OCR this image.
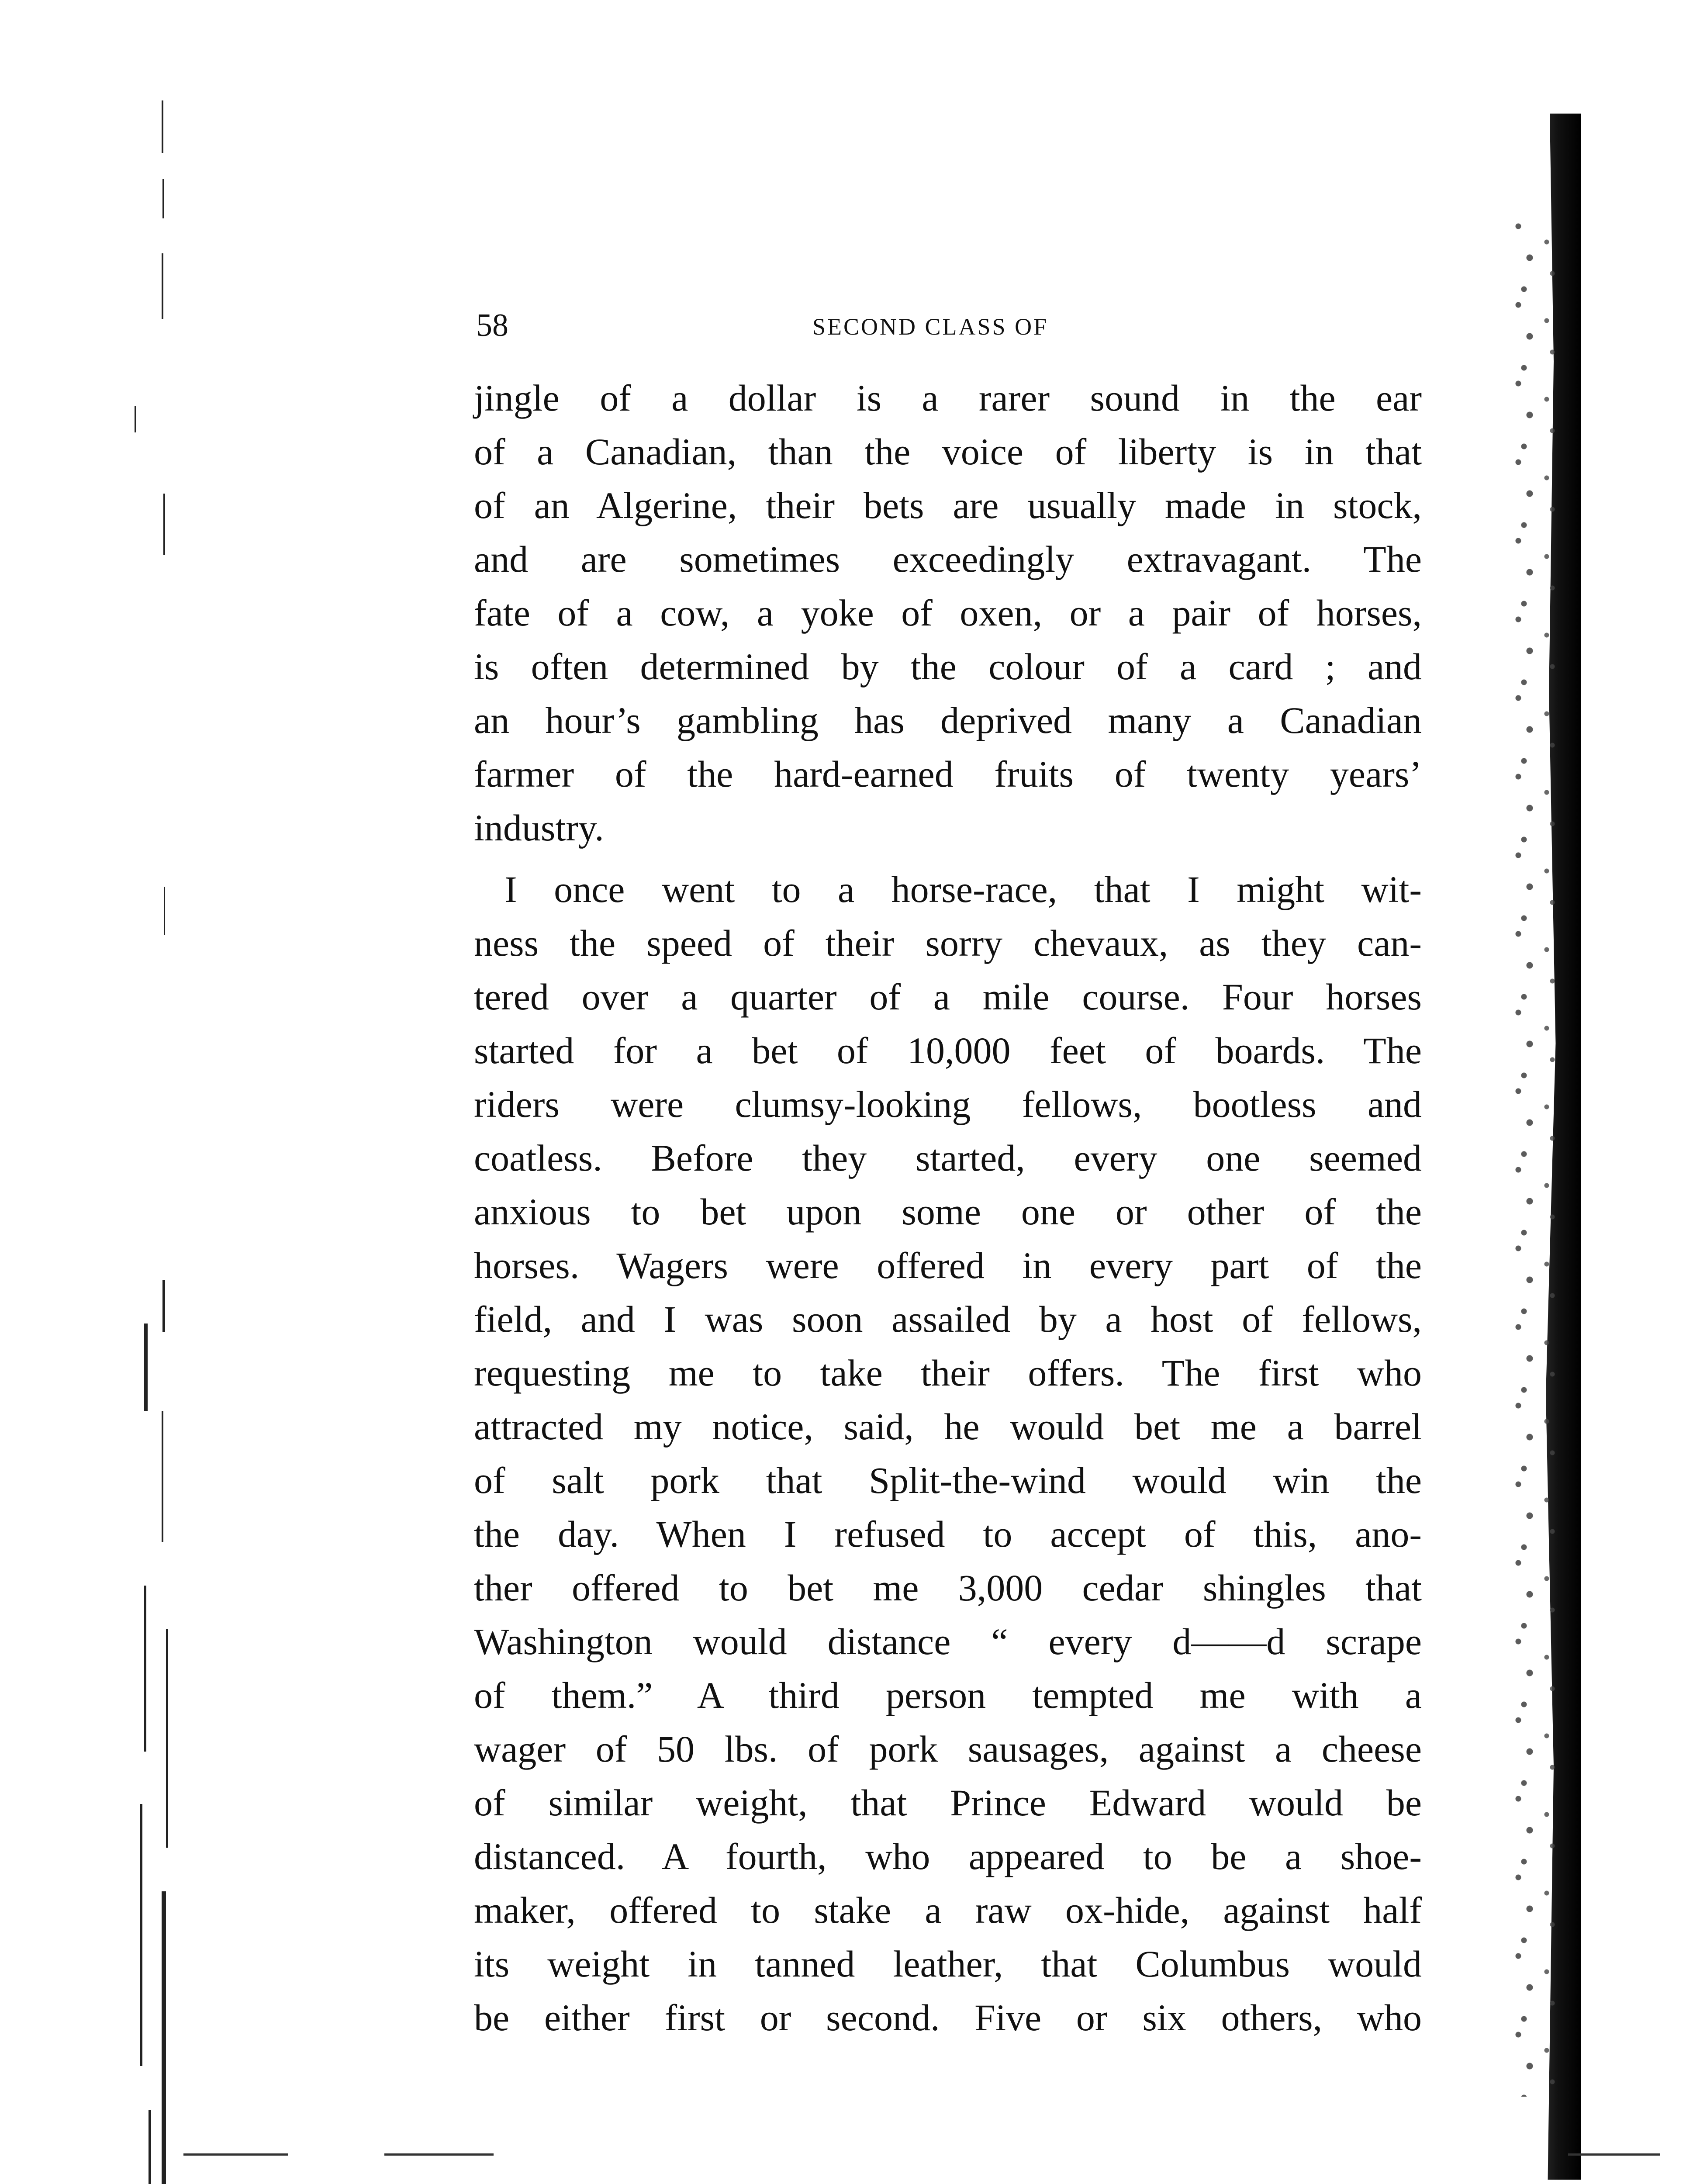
58	SECOND CLASS OF
jingle of a dollar is a rarer sound in the ear
of a Canadian, than the voice of liberty is in that
of an Algerine, their bets are usually made in stock,
and are sometimes exceedingly extravagant. The
fate of a cow, a yoke of oxen, or a pair of horses,
is often determined by the colour of a card ; and
an hour’s gambling has deprived many a Canadian
farmer of the hard-earned fruits of twenty years’
industry.
I once went to a horse-race, that I might wit-
ness the speed of their sorry chevaux, as they can-
tered over a quarter of a mile course. Four horses
started for a bet of 10,000 feet of boards. The
riders were clumsy-looking fellows, bootless and
coatless. Before they started, every one seemed
anxious to bet upon some one or other of the
horses. Wagers were offered in every part of the
field, and I was soon assailed by a host of fellows,
requesting me to take their offers. The first who
attracted my notice, said, he would bet me a barrel
of salt pork that Split-the-wind would win the
the day. When I refused to accept of this, ano-
ther offered to bet me 3,000 cedar shingles that
Washington would distance “ every d——d scrape
of them.” A third person tempted me with a
wager of 50 lbs. of pork sausages, against a cheese
of similar weight, that Prince Edward would be
distanced. A fourth, who appeared to be a shoe-
maker, offered to stake a raw ox-hide, against half
its weight in tanned leather, that Columbus would
be either first or second. Five or six others, who
